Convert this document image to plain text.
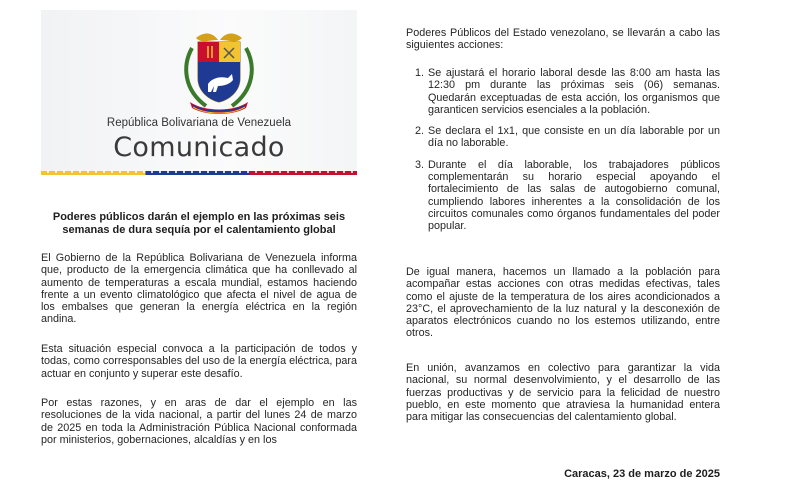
República Bolivariana de Venezuela
Comunicado
Poderes públicos darán el ejemplo en las próximas seis semanas de dura sequía por el calentamiento global

El Gobierno de la República Bolivariana de Venezuela informa que, producto de la emergencia climática que ha conllevado al aumento de temperaturas a escala mundial, estamos haciendo frente a un evento climatológico que afecta el nivel de agua de los embalses que generan la energía eléctrica en la región andina.

Esta situación especial convoca a la participación de todos y todas, como corresponsables del uso de la energía eléctrica, para actuar en conjunto y superar este desafío.

Por estas razones, y en aras de dar el ejemplo en las resoluciones de la vida nacional, a partir del lunes 24 de marzo de 2025 en toda la Administración Pública Nacional conformada por ministerios, gobernaciones, alcaldías y en los

Poderes Públicos del Estado venezolano, se llevarán a cabo las siguientes acciones:

1. Se ajustará el horario laboral desde las 8:00 am hasta las 12:30 pm durante las próximas seis (06) semanas. Quedarán exceptuadas de esta acción, los organismos que garanticen servicios esenciales a la población.
2. Se declara el 1x1, que consiste en un día laborable por un día no laborable.
3. Durante el día laborable, los trabajadores públicos complementarán su horario especial apoyando el fortalecimiento de las salas de autogobierno comunal, cumpliendo labores inherentes a la consolidación de los circuitos comunales como órganos fundamentales del poder popular.

De igual manera, hacemos un llamado a la población para acompañar estas acciones con otras medidas efectivas, tales como el ajuste de la temperatura de los aires acondicionados a 23°C, el aprovechamiento de la luz natural y la desconexión de aparatos electrónicos cuando no los estemos utilizando, entre otros.

En unión, avanzamos en colectivo para garantizar la vida nacional, su normal desenvolvimiento, y el desarrollo de las fuerzas productivas y de servicio para la felicidad de nuestro pueblo, en este momento que atraviesa la humanidad entera para mitigar las consecuencias del calentamiento global.

Caracas, 23 de marzo de 2025
